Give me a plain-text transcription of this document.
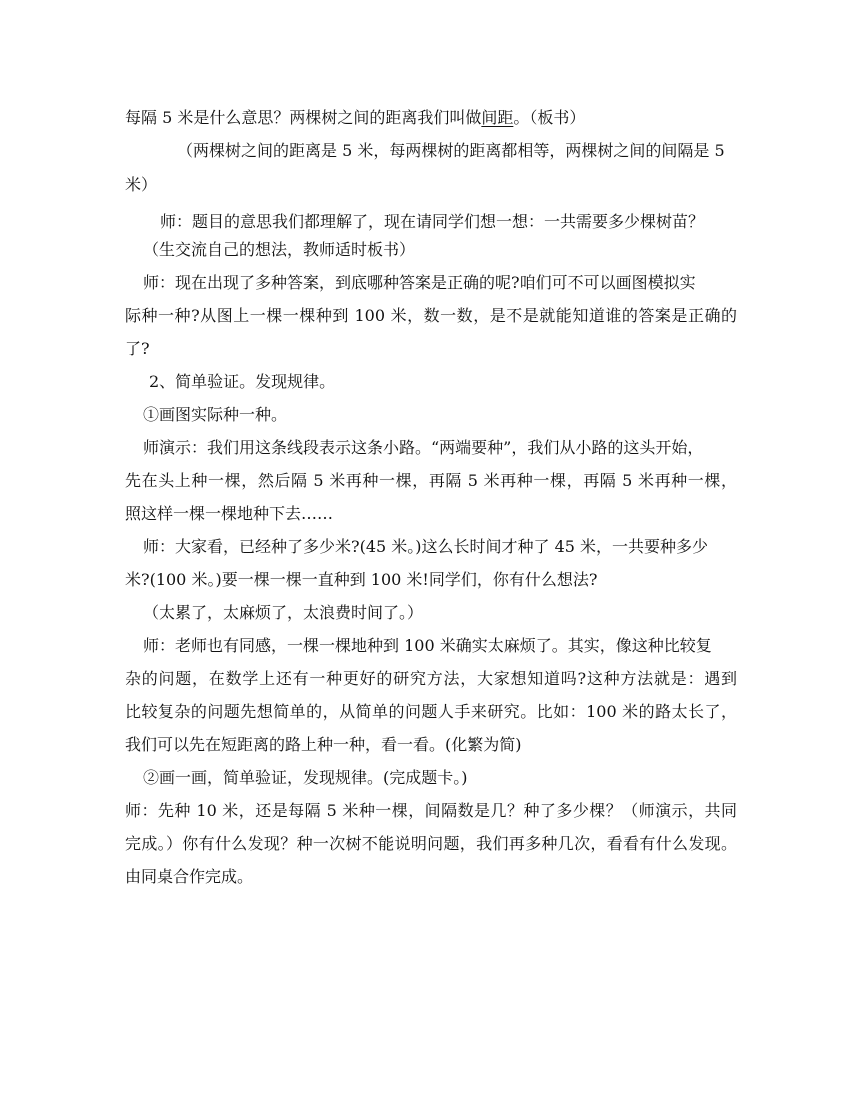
每隔 5 米是什么意思？两棵树之间的距离我们叫做间距。（板书）
（两棵树之间的距离是 5 米，每两棵树的距离都相等，两棵树之间的间隔是 5
米）
师：题目的意思我们都理解了，现在请同学们想一想：一共需要多少棵树苗？
（生交流自己的想法，教师适时板书）
师：现在出现了多种答案，到底哪种答案是正确的呢?咱们可不可以画图模拟实
际种一种?从图上一棵一棵种到 100 米，数一数，是不是就能知道谁的答案是正确的
了?
2、简单验证。发现规律。
①画图实际种一种。
师演示：我们用这条线段表示这条小路。“两端要种”，我们从小路的这头开始，
先在头上种一棵，然后隔 5 米再种一棵，再隔 5 米再种一棵，再隔 5 米再种一棵，
照这样一棵一棵地种下去……
师：大家看，已经种了多少米?(45 米。)这么长时间才种了 45 米，一共要种多少
米?(100 米。)要一棵一棵一直种到 100 米!同学们，你有什么想法?
（太累了，太麻烦了，太浪费时间了。）
师：老师也有同感，一棵一棵地种到 100 米确实太麻烦了。其实，像这种比较复
杂的问题，在数学上还有一种更好的研究方法，大家想知道吗?这种方法就是：遇到
比较复杂的问题先想简单的，从简单的问题人手来研究。比如：100 米的路太长了，
我们可以先在短距离的路上种一种，看一看。(化繁为简)
②画一画，简单验证，发现规律。(完成题卡。)
师：先种 10 米，还是每隔 5 米种一棵，间隔数是几？种了多少棵？（师演示，共同
完成。）你有什么发现？种一次树不能说明问题，我们再多种几次，看看有什么发现。
由同桌合作完成。
